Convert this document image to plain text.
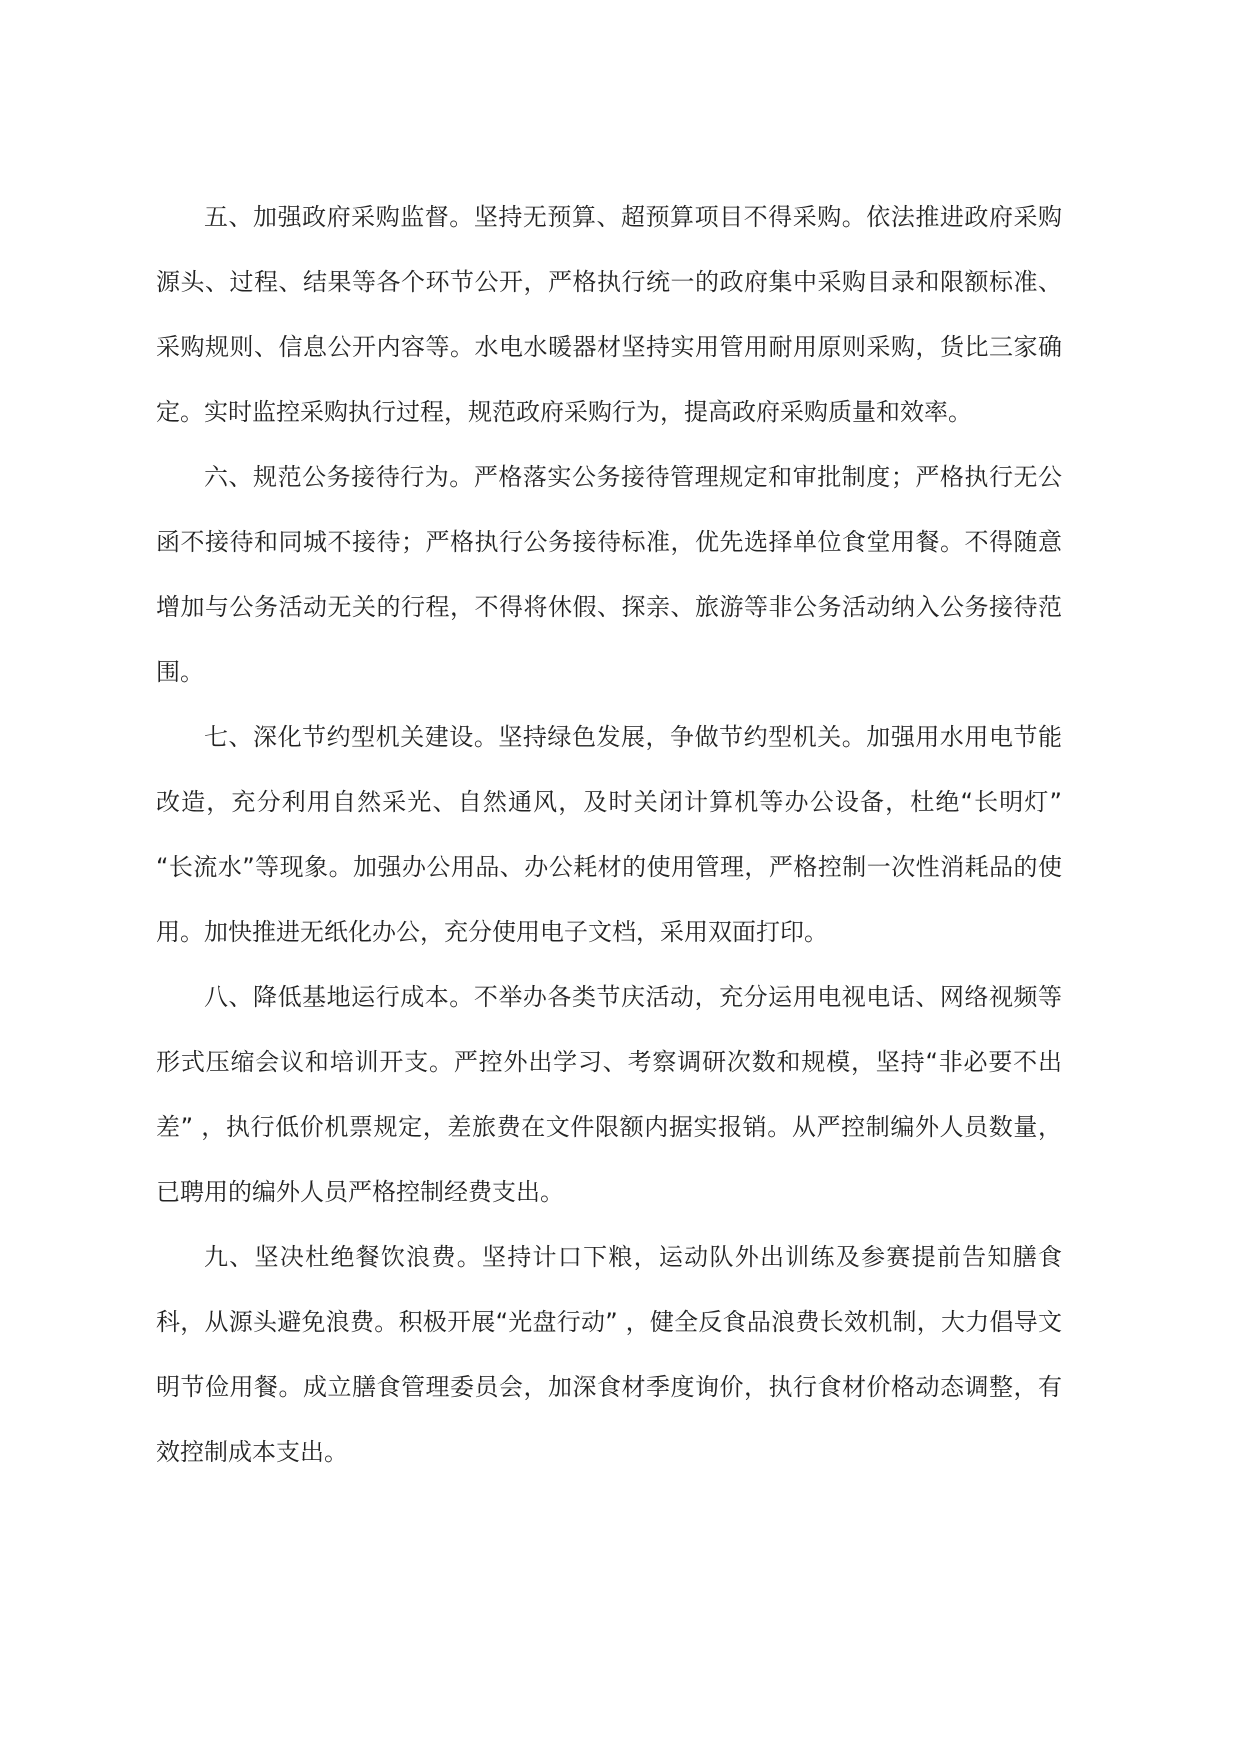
五、加强政府采购监督。坚持无预算、超预算项目不得采购。依法推进政府采购源头、过程、结果等各个环节公开，严格执行统一的政府集中采购目录和限额标准、采购规则、信息公开内容等。水电水暖器材坚持实用管用耐用原则采购，货比三家确定。实时监控采购执行过程，规范政府采购行为，提高政府采购质量和效率。

六、规范公务接待行为。严格落实公务接待管理规定和审批制度；严格执行无公函不接待和同城不接待；严格执行公务接待标准，优先选择单位食堂用餐。不得随意增加与公务活动无关的行程，不得将休假、探亲、旅游等非公务活动纳入公务接待范围。

七、深化节约型机关建设。坚持绿色发展，争做节约型机关。加强用水用电节能改造，充分利用自然采光、自然通风，及时关闭计算机等办公设备，杜绝“长明灯” “长流水”等现象。加强办公用品、办公耗材的使用管理，严格控制一次性消耗品的使用。加快推进无纸化办公，充分使用电子文档，采用双面打印。

八、降低基地运行成本。不举办各类节庆活动，充分运用电视电话、网络视频等形式压缩会议和培训开支。严控外出学习、考察调研次数和规模，坚持“非必要不出差” ，执行低价机票规定，差旅费在文件限额内据实报销。从严控制编外人员数量，已聘用的编外人员严格控制经费支出。

九、坚决杜绝餐饮浪费。坚持计口下粮，运动队外出训练及参赛提前告知膳食科，从源头避免浪费。积极开展“光盘行动” ，健全反食品浪费长效机制，大力倡导文明节俭用餐。成立膳食管理委员会，加深食材季度询价，执行食材价格动态调整，有效控制成本支出。
